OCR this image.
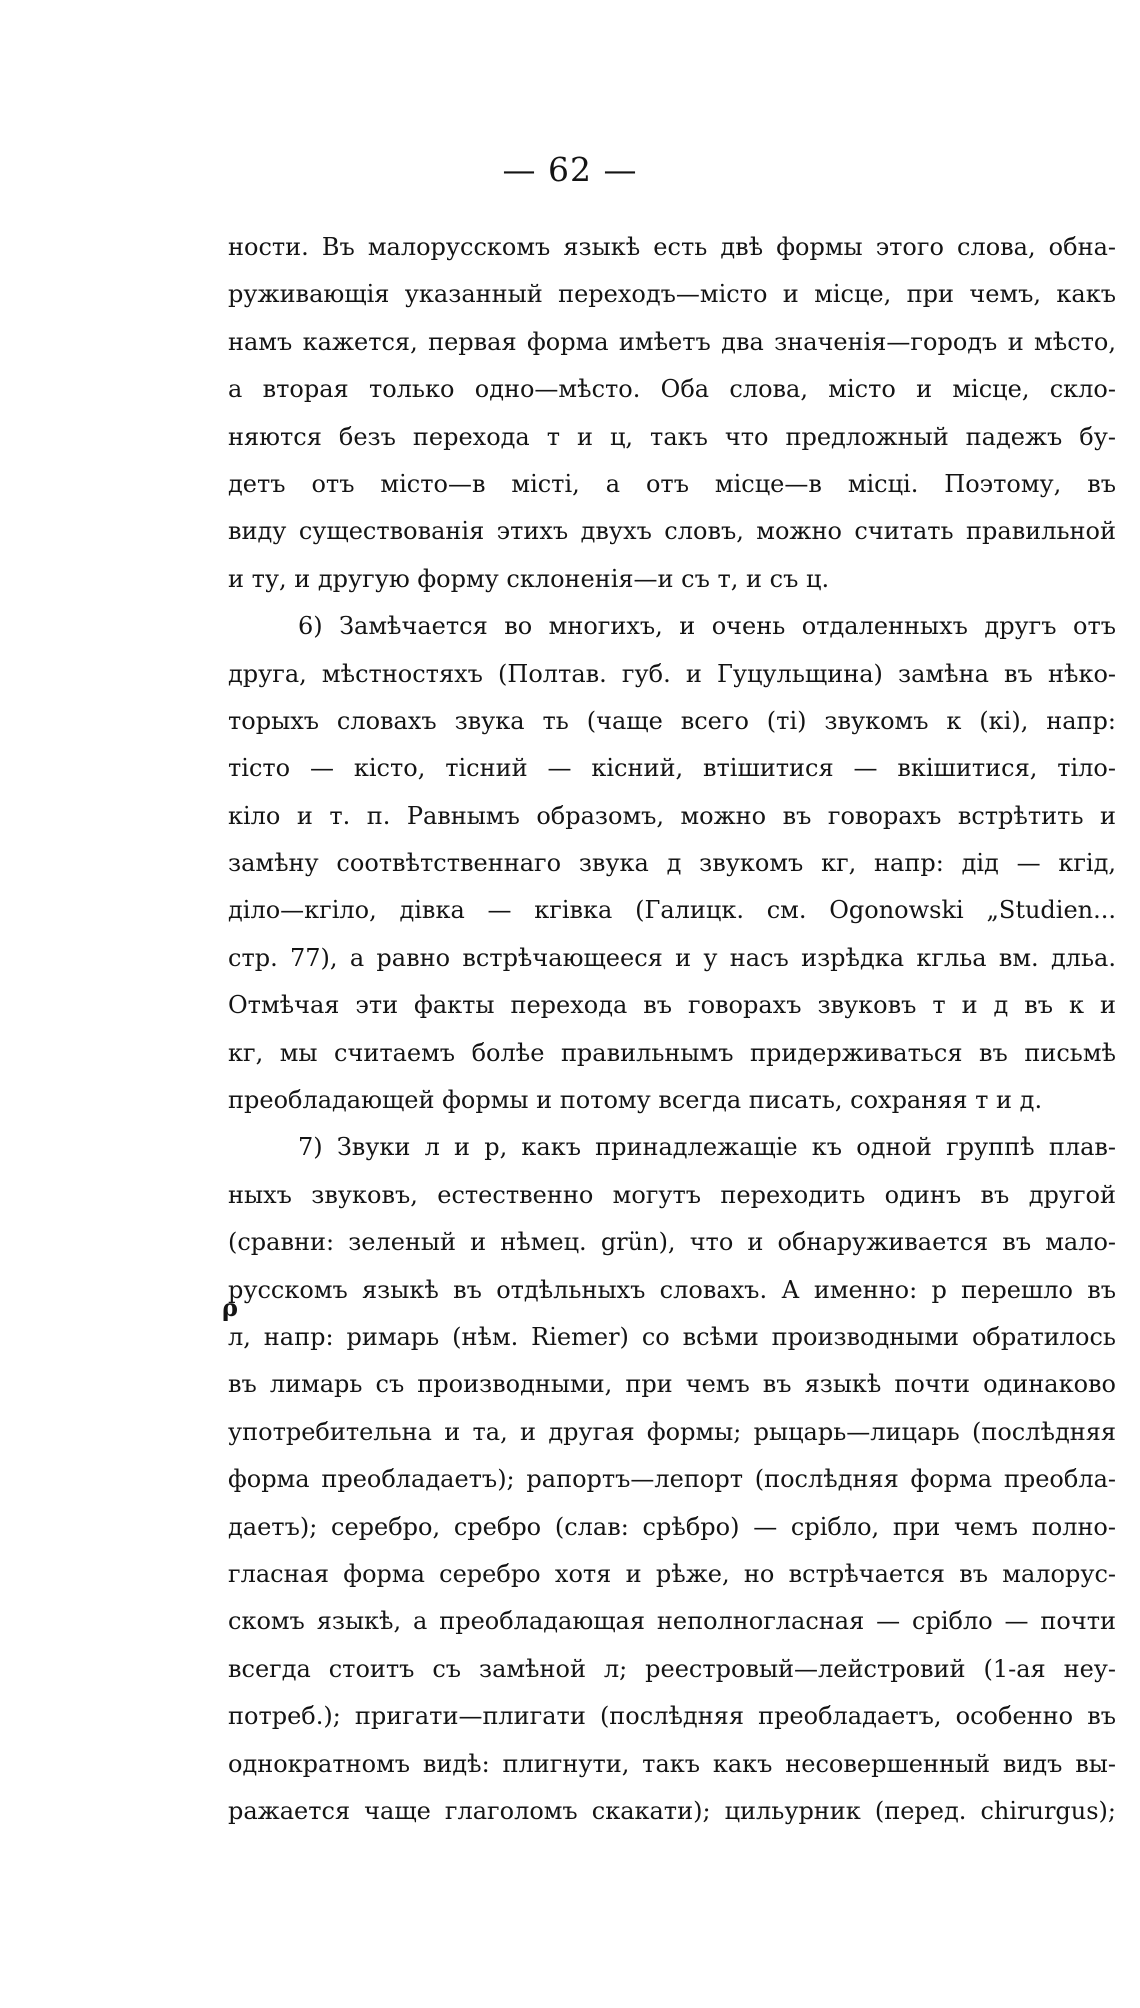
— 62 —
ρ
ности. Въ малорусскомъ языкѣ есть двѣ формы этого слова, обна-
руживающія указанный переходъ—місто и місце, при чемъ, какъ
намъ кажется, первая форма имѣетъ два значенія—городъ и мѣсто,
а вторая только одно—мѣсто. Оба слова, місто и місце, скло-
няются безъ перехода т и ц, такъ что предложный падежъ бу-
детъ отъ місто—в місті, а отъ місце—в місці. Поэтому, въ
виду существованія этихъ двухъ словъ, можно считать правильной
и ту, и другую форму склоненія—и съ т, и съ ц.
6) Замѣчается во многихъ, и очень отдаленныхъ другъ отъ
друга, мѣстностяхъ (Полтав. губ. и Гуцульщина) замѣна въ нѣко-
торыхъ словахъ звука ть (чаще всего (ті) звукомъ к (кі), напр:
тісто — кісто, тісний — кісний, втішитися — вкішитися, тіло-
кіло и т. п. Равнымъ образомъ, можно въ говорахъ встрѣтить и
замѣну соотвѣтственнаго звука д звукомъ кг, напр: дід — кгід,
діло—кгіло, дівка — кгівка (Галицк. см. Ogonowski „Studien...
стр. 77), а равно встрѣчающееся и у насъ изрѣдка кгльа вм. дльа.
Отмѣчая эти факты перехода въ говорахъ звуковъ т и д въ к и
кг, мы считаемъ болѣе правильнымъ придерживаться въ письмѣ
преобладающей формы и потому всегда писать, сохраняя т и д.
7) Звуки л и р, какъ принадлежащіе къ одной группѣ плав-
ныхъ звуковъ, естественно могутъ переходить одинъ въ другой
(сравни: зеленый и нѣмец. grün), что и обнаруживается въ мало-
русскомъ языкѣ въ отдѣльныхъ словахъ. А именно: р перешло въ
л, напр: римарь (нѣм. Riemer) со всѣми производными обратилось
въ лимарь съ производными, при чемъ въ языкѣ почти одинаково
употребительна и та, и другая формы; рыцарь—лицарь (послѣдняя
форма преобладаетъ); рапортъ—лепорт (послѣдняя форма преобла-
даетъ); серебро, сребро (слав: срѣбро) — срібло, при чемъ полно-
гласная форма серебро хотя и рѣже, но встрѣчается въ малорус-
скомъ языкѣ, а преобладающая неполногласная — срібло — почти
всегда стоитъ съ замѣной л; реестровый—лейстровий (1-ая неу-
потреб.); пригати—плигати (послѣдняя преобладаетъ, особенно въ
однократномъ видѣ: плигнути, такъ какъ несовершенный видъ вы-
ражается чаще глаголомъ скакати); цильурник (перед. chirurgus);
